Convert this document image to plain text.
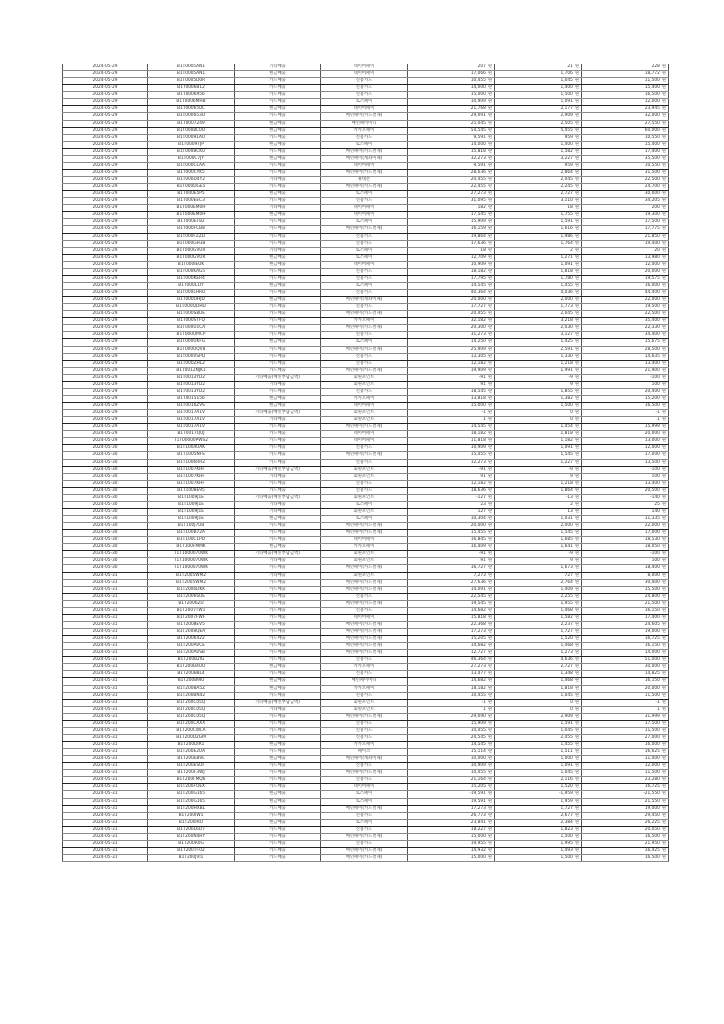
2024-05-29	B1T0005AN1	기타매출	네이버페이	207 원	21 원	228 원
2024-05-29	B1T0005AN1	현금매출	네이버페이	17,066 원	1,706 원	18,772 원
2024-05-29	B1T0005D0R	카드매출	신용카드	10,455 원	1,045 원	11,500 원
2024-05-29	B1T0006B12	카드매출	신용카드	14,000 원	1,400 원	15,400 원
2024-05-29	B1T0006956	카드매출	신용카드	15,000 원	1,500 원	16,500 원
2024-05-29	B1T0006MHB	카드매출	토스페이	10,909 원	1,091 원	12,000 원
2024-05-29	B1T000650C	현금매출	네이버페이	21,768 원	2,177 원	23,945 원
2024-05-29	B1T00065ЗD	카드매출	배민페이(카드결제)	29,091 원	2,909 원	32,000 원
2024-05-29	B1T0007249	현금매출	배민페이머니	25,045 원	2,505 원	27,550 원
2024-05-29	B1T0008C0O	현금매출	카카오페이	54,545 원	5,455 원	60,000 원
2024-05-29	B1T00091AU	카드매출	신용카드	9,591 원	959 원	10,550 원
2024-05-29	B1T0009TJP	현금매출	토스페이	14,000 원	1,400 원	15,400 원
2024-05-29	B1T000BCKU	카드매출	배민페이(카드결제)	15,818 원	1,582 원	17,400 원
2024-05-29	B1T000C7JY	현금매출	배민페이(계좌이체)	32,273 원	3,227 원	35,500 원
2024-05-29	B1T000CLAA	카드매출	네이버페이	9,591 원	959 원	10,550 원
2024-05-29	B1T000CYK5	카드매출	배민페이(카드결제)	28,636 원	2,864 원	31,500 원
2024-05-29	B1T000D4Y2	기타매출	휴대폰	20,455 원	2,045 원	22,500 원
2024-05-29	B1T000DGE5	카드매출	배민페이(카드결제)	22,455 원	2,245 원	24,700 원
2024-05-29	B1T000E5P5	현금매출	토스페이	27,273 원	2,727 원	30,000 원
2024-05-29	B1T000EEC3	카드매출	신용카드	31,095 원	3,110 원	34,205 원
2024-05-29	B1T000EM0H	기타매출	네이버페이	182 원	18 원	200 원
2024-05-29	B1T000EM0H	현금매출	네이버페이	17,545 원	1,755 원	19,300 원
2024-05-29	B1T000ET82	카드매출	토스페이	15,909 원	1,591 원	17,500 원
2024-05-29	B1T000FCB8	카드매출	배민페이(카드결제)	16,159 원	1,616 원	17,775 원
2024-05-29	B1T000FZZD	카드매출	신용카드	19,864 원	1,986 원	21,850 원
2024-05-29	B1T000GH38	카드매출	신용카드	17,636 원	1,764 원	19,400 원
2024-05-29	B1T000GVUR	기타매출	토스페이	18 원	2 원	20 원
2024-05-29	B1T000GVUR	현금매출	토스페이	12,709 원	1,271 원	13,980 원
2024-05-29	B1T000IEUK	현금매출	네이버페이	10,909 원	1,091 원	12,000 원
2024-05-29	B1T000KAG5	카드매출	신용카드	18,182 원	1,818 원	20,000 원
2024-05-29	B1T000KER4	카드매출	신용카드	17,795 원	1,780 원	19,575 원
2024-05-29	B1T000L1IY	현금매출	토스페이	14,545 원	1,455 원	16,000 원
2024-05-29	B1T000LHRU	카드매출	신용카드	40,364 원	4,036 원	44,400 원
2024-05-29	B1T000OHJD	현금매출	배민페이(계좌이체)	20,000 원	2,000 원	22,000 원
2024-05-29	B1T000QDHD	카드매출	신용카드	17,727 원	1,773 원	19,500 원
2024-05-29	B1T000S8UE	카드매출	배민페이(카드결제)	20,455 원	2,045 원	22,500 원
2024-05-29	B1T000STFQ	카드매출	카카오페이	32,182 원	3,218 원	35,400 원
2024-05-29	B1T000U1CA	카드매출	배민페이(카드결제)	20,300 원	2,030 원	22,330 원
2024-05-29	B1T000UMCP	카드매출	신용카드	31,273 원	3,127 원	34,400 원
2024-05-29	B1T000UKFG	현금매출	토스페이	14,250 원	1,425 원	15,675 원
2024-05-29	B1T000UQV8	카드매출	배민페이(카드결제)	25,909 원	2,591 원	28,500 원
2024-05-29	B1T000VSPQ	카드매출	신용카드	13,305 원	1,330 원	14,635 원
2024-05-29	B1T000ZHL2	카드매출	신용카드	12,182 원	1,218 원	13,400 원
2024-05-29	B1T0012NJK1	카드매출	배민페이(카드결제)	19,909 원	1,991 원	21,900 원
2024-05-29	B1T0013YD2	기타매출(배민부담금액)	회원포인트	-91 원	-9 원	-100 원
2024-05-29	B1T0013YD2	기타매출	회원포인트	91 원	9 원	100 원
2024-05-29	B1T0013YD2	카드매출	신용카드	18,545 원	1,855 원	20,400 원
2024-05-29	B1T0015156	현금매출	카카오페이	13,818 원	1,382 원	15,200 원
2024-05-29	B1T0016ZVS	현금매출	네이버페이	15,000 원	1,500 원	16,500 원
2024-05-29	B1T0017A1V	기타매출(배민부담금액)	회원포인트	-1 원	0 원	-1 원
2024-05-29	B1T0017A1V	기타매출	회원포인트	1 원	0 원	1 원
2024-05-29	B1T0017A1V	카드매출	배민페이(카드결제)	14,545 원	1,454 원	15,999 원
2024-05-29	B1T0017QUJ	카드매출	네이버페이	18,182 원	1,818 원	20,000 원
2024-05-29	T1T00000PWS2	카드매출	네이버페이	11,818 원	1,182 원	13,000 원
2024-05-30	B1T1004UAK	카드매출	신용카드	10,909 원	1,091 원	12,000 원
2024-05-30	B1T1005NFS	카드매출	배민페이(카드결제)	15,455 원	1,545 원	17,000 원
2024-05-30	B1T1006RR2	카드매출	신용카드	12,273 원	1,227 원	13,500 원
2024-05-30	B1T1007KHF	기타매출(배민부담금액)	회원포인트	-91 원	-9 원	-100 원
2024-05-30	B1T1007KHF	기타매출	회원포인트	91 원	9 원	100 원
2024-05-30	B1T1007KHF	카드매출	신용카드	12,182 원	1,218 원	13,400 원
2024-05-30	B1T1008E95	카드매출	신용카드	18,636 원	1,864 원	20,500 원
2024-05-30	B1T1009J1E	기타매출(배민부담금액)	회원포인트	-127 원	-13 원	-140 원
2024-05-30	B1T1009J1E	기타매출	토스페이	23 원	2 원	25 원
2024-05-30	B1T1009J1E	기타매출	회원포인트	127 원	13 원	140 원
2024-05-30	B1T1009J1E	현금매출	토스페이	10,304 원	1,031 원	11,335 원
2024-05-30	B1T100J7UB	카드매출	배민페이(카드결제)	20,000 원	2,000 원	22,000 원
2024-05-30	B1T100B72A	카드매출	배민페이(카드결제)	15,455 원	1,545 원	17,000 원
2024-05-30	B1T100C1PD	카드매출	네이버페이	16,845 원	1,685 원	18,530 원
2024-05-30	B1T100FMMK	현금매출	카카오페이	16,409 원	1,641 원	18,050 원
2024-05-30	T1T1000070WK	기타매출(배민부담금액)	회원포인트	-91 원	-9 원	-100 원
2024-05-30	T1T1000070WK	기타매출	회원포인트	91 원	9 원	100 원
2024-05-30	T1T1000070WK	카드매출	배민페이(카드결제)	16,727 원	1,673 원	18,400 원
2024-05-31	B1T2005WM2	기타매출	회원포인트	7,273 원	727 원	8,000 원
2024-05-31	B1T2005WM2	카드매출	배민페이(카드결제)	27,636 원	2,764 원	30,400 원
2024-05-31	B1T2006DKK	카드매출	배민페이(카드결제)	14,091 원	1,409 원	15,500 원
2024-05-31	B1T2006SUE	카드매출	신용카드	22,545 원	2,255 원	24,800 원
2024-05-31	B1T2006ZU	카드매출	배민페이(카드결제)	19,545 원	1,955 원	21,500 원
2024-05-31	B1T2007TW1	카드매출	신용카드	14,682 원	1,468 원	16,150 원
2024-05-31	B1T2007FWF	카드매출	네이버페이	15,818 원	1,582 원	17,400 원
2024-05-31	B1T2008EV5	카드매출	배민페이(카드결제)	22,368 원	2,237 원	24,605 원
2024-05-31	B1T2008QEA	카드매출	배민페이(카드결제)	17,273 원	1,727 원	19,000 원
2024-05-31	B1T2006422	카드매출	배민페이(카드결제)	15,205 원	1,520 원	16,725 원
2024-05-31	B1T200AVCE	카드매출	배민페이(카드결제)	14,682 원	1,468 원	16,150 원
2024-05-31	B1T200AVSB	카드매출	배민페이(카드결제)	12,727 원	1,273 원	14,000 원
2024-05-31	B1T200B2IG	카드매출	신용카드	46,364 원	4,636 원	51,000 원
2024-05-31	B1T200B4UO	현금매출	카카오페이	27,273 원	2,727 원	30,000 원
2024-05-31	B1T200B8L4	카드매출	신용카드	13,477 원	1,348 원	14,825 원
2024-05-31	B1T200B9IU	현금매출	배민페이머니	14,682 원	1,468 원	16,150 원
2024-05-31	B1T200BA5Z	현금매출	카카오페이	18,182 원	1,818 원	20,000 원
2024-05-31	B1T200BN42	카드매출	신용카드	10,455 원	1,045 원	11,500 원
2024-05-31	B1T200C05Q	기타매출(배민부담금액)	회원포인트	-1 원	0 원	-1 원
2024-05-31	B1T200C05Q	기타매출	회원포인트	1 원	0 원	1 원
2024-05-31	B1T200C05Q	카드매출	배민페이(카드결제)	29,090 원	2,909 원	31,999 원
2024-05-31	B1T200CAXX	카드매출	신용카드	15,909 원	1,591 원	17,500 원
2024-05-31	B1T200CWLA	카드매출	신용카드	10,455 원	1,045 원	11,500 원
2024-05-31	B1T200D2GM	카드매출	신용카드	24,545 원	2,455 원	27,000 원
2024-05-31	B1T200DIR1	현금매출	카카오페이	14,545 원	1,455 원	16,000 원
2024-05-31	B1T200E2UA	카드매출	페이코	15,114 원	1,511 원	16,625 원
2024-05-31	B1T200EBVL	현금매출	배민페이(계좌이체)	10,000 원	1,000 원	11,000 원
2024-05-31	B1T200ESOF	카드매출	신용카드	10,909 원	1,091 원	12,000 원
2024-05-31	B1T200F3WJ	카드매출	배민페이(카드결제)	10,455 원	1,045 원	11,500 원
2024-05-31	B1T200FMQ6	카드매출	신용카드	21,164 원	2,116 원	23,280 원
2024-05-31	B1T200FOEX	카드매출	네이버페이	15,205 원	1,520 원	16,725 원
2024-05-31	B1T200G165	현금매출	토스페이	-19,591 원	-1,959 원	-21,550 원
2024-05-31	B1T200G165	현금매출	토스페이	19,591 원	1,959 원	21,550 원
2024-05-31	B1T200HXBL	카드매출	배민페이(카드결제)	17,273 원	1,727 원	19,000 원
2024-05-31	B1T200IW1	카드매출	신용카드	26,773 원	2,677 원	29,450 원
2024-05-31	B1T200IRO	현금매출	토스페이	23,841 원	2,384 원	26,225 원
2024-05-31	B1T200L6D7	카드매출	신용카드	18,227 원	1,823 원	20,050 원
2024-05-31	B1T200N4HY	카드매출	배민페이(카드결제)	15,000 원	1,500 원	16,500 원
2024-05-31	B1T200R0G	카드매출	신용카드	19,955 원	1,995 원	21,950 원
2024-05-31	B1T200TI-02	카드매출	배민페이(카드결제)	14,932 원	1,493 원	16,425 원
2024-05-31	B1T200JVI1	카드매출	배민페이(카드결제)	15,000 원	1,500 원	16,500 원
